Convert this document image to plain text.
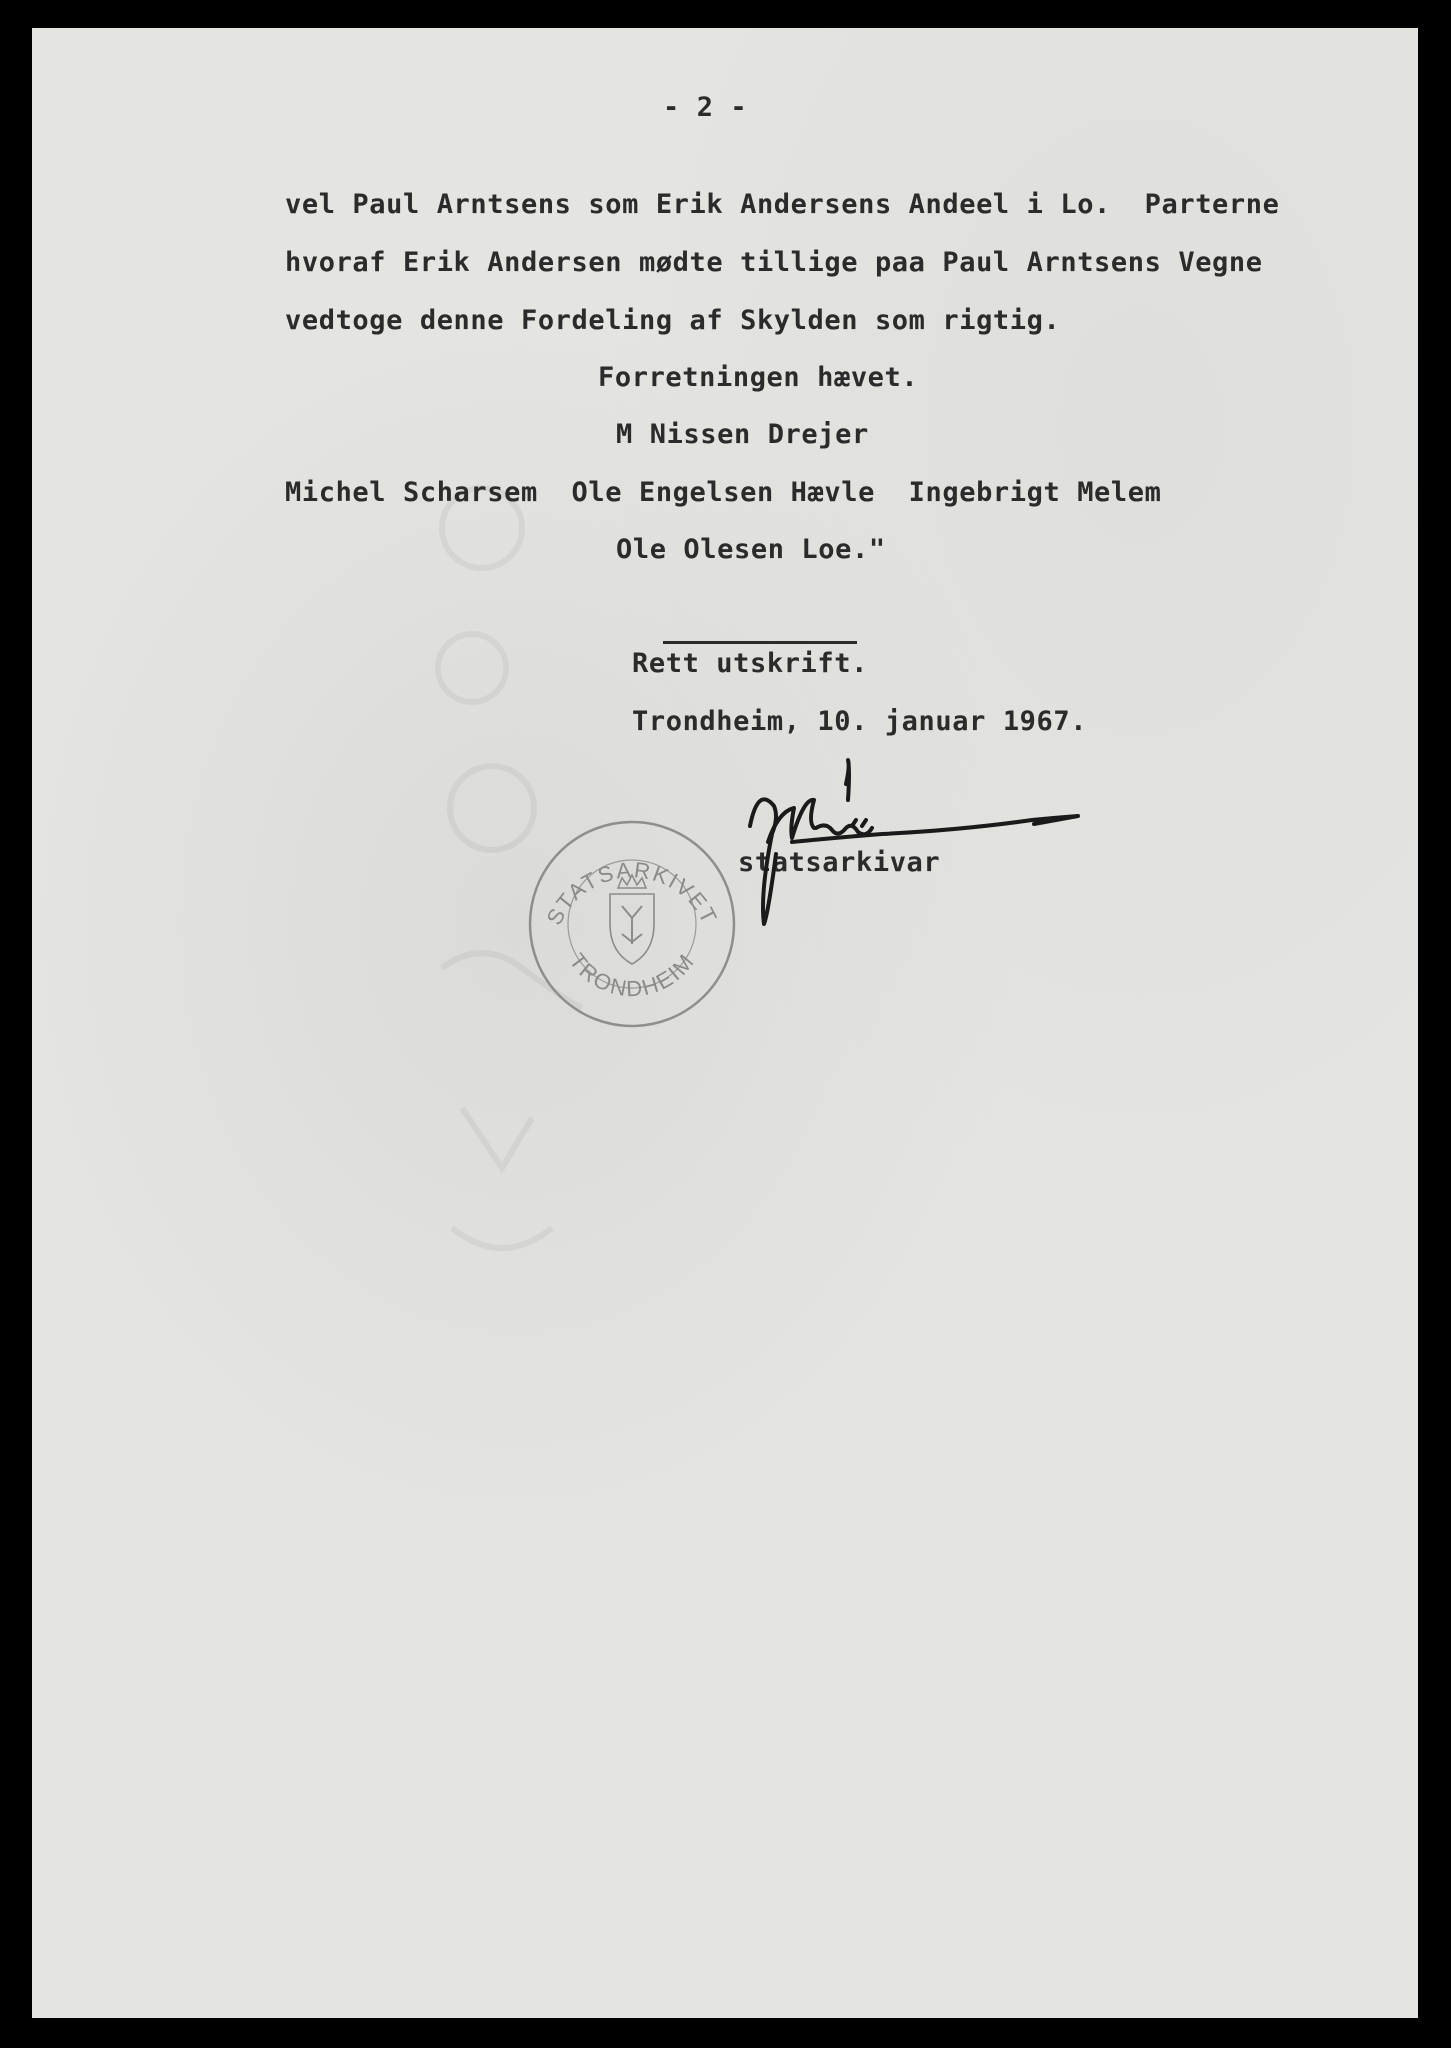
- 2 -
vel Paul Arntsens som Erik Andersens Andeel i Lo.  Parterne
hvoraf Erik Andersen mødte tillige paa Paul Arntsens Vegne
vedtoge denne Fordeling af Skylden som rigtig.
Forretningen hævet.
M Nissen Drejer
Michel Scharsem  Ole Engelsen Hævle  Ingebrigt Melem
Ole Olesen Loe."
Rett utskrift.
Trondheim, 10. januar 1967.
statsarkivar
STATSARKIVET
TRONDHEIM
